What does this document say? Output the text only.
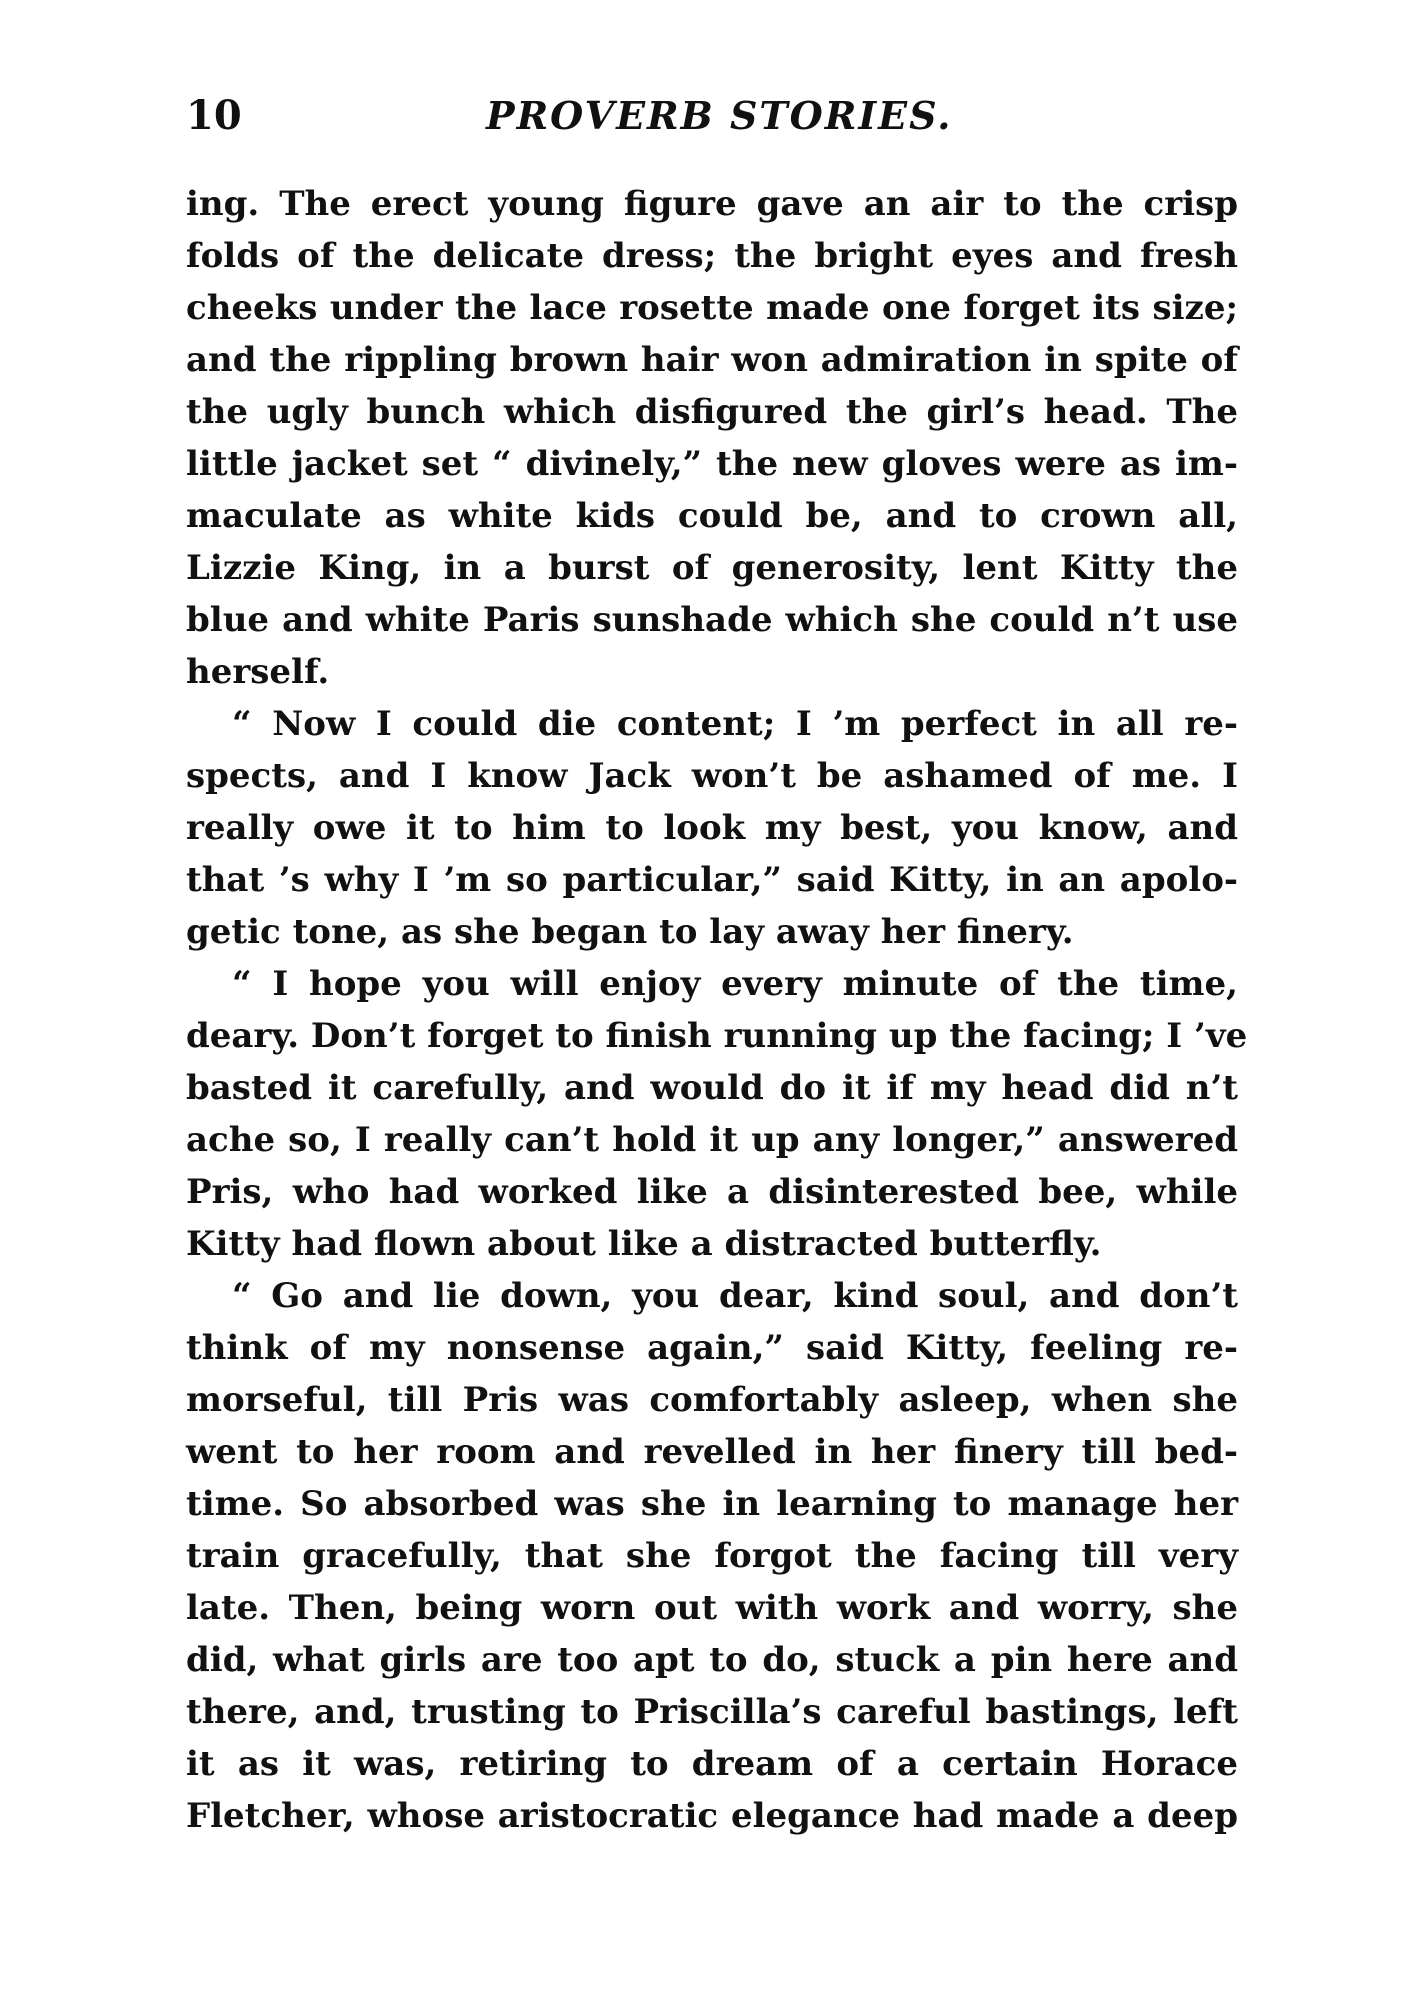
10	PROVERB STORIES.
ing. The erect young figure gave an air to the crisp
folds of the delicate dress; the bright eyes and fresh
cheeks under the lace rosette made one forget its size;
and the rippling brown hair won admiration in spite of
the ugly bunch which disfigured the girl’s head. The
little jacket set “ divinely,” the new gloves were as im-
maculate as white kids could be, and to crown all,
Lizzie King, in a burst of generosity, lent Kitty the
blue and white Paris sunshade which she could n’t use
herself.
“ Now I could die content; I ’m perfect in all re-
spects, and I know Jack won’t be ashamed of me. I
really owe it to him to look my best, you know, and
that ’s why I ’m so particular,” said Kitty, in an apolo-
getic tone, as she began to lay away her finery.
“ I hope you will enjoy every minute of the time,
deary. Don’t forget to finish running up the facing; I ’ve
basted it carefully, and would do it if my head did n’t
ache so, I really can’t hold it up any longer,” answered
Pris, who had worked like a disinterested bee, while
Kitty had flown about like a distracted butterfly.
“ Go and lie down, you dear, kind soul, and don’t
think of my nonsense again,” said Kitty, feeling re-
morseful, till Pris was comfortably asleep, when she
went to her room and revelled in her finery till bed-
time. So absorbed was she in learning to manage her
train gracefully, that she forgot the facing till very
late. Then, being worn out with work and worry, she
did, what girls are too apt to do, stuck a pin here and
there, and, trusting to Priscilla’s careful bastings, left
it as it was, retiring to dream of a certain Horace
Fletcher, whose aristocratic elegance had made a deep
